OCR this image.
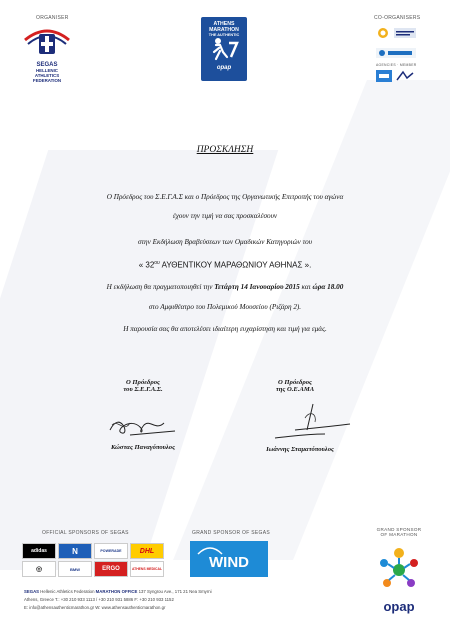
ORGANISER
SEGAS
HELLENIC
ATHLETICS
FEDERATION
ATHENS
MARATHON
THE AUTHENTIC
opap
CO-ORGANISERS
AGENCIES · MEMBER
ΠΡΟΣΚΛΗΣΗ
Ο Πρόεδρος του Σ.Ε.Γ.Α.Σ και ο Πρόεδρος της Οργανωτικής Επιτροπής του αγώνα
έχουν την τιμή να σας προσκαλέσουν
στην Εκδήλωση Βραβεύσεων των Ομαδικών Κατηγοριών του
« $32^{o\upsilon}$ ΑΥΘΕΝΤΙΚΟΥ ΜΑΡΑΘΩΝΙΟΥ ΑΘΗΝΑΣ ».
Η εκδήλωση θα πραγματοποιηθεί την Τετάρτη 14 Ιανουαρίου 2015 και ώρα 18.00
στο Αμφιθέατρο του Πολεμικού Μουσείου (Ριζάρη 2).
Η παρουσία σας θα αποτελέσει ιδιαίτερη ευχαρίστηση και τιμή για εμάς.
Ο Πρόεδρος
του Σ.Ε.Γ.Α.Σ.
Κώστας Παναγόπουλος
Ο Πρόεδρος
της Ο.Ε.ΑΜΑ
Ιωάννης Σταματόπουλος
OFFICIAL SPONSORS OF SEGAS	GRAND SPONSOR OF SEGAS
adidas	N	POWERADE	DHL
◎	BMW	ERGO	ATHENS MEDICAL	WIND
GRAND SPONSOR
OF MARATHON
opap
SEGAS Hellenic Athletics Federation MARATHON OFFICE 137 Syngrou Ave., 171 21 Nea Smyrni
Athens, Greece T.: +30 210 933 1113 / +30 210 931 5886 F: +30 210 933 1152
E: info@athensauthenticmarathon.gr W: www.athensauthenticmarathon.gr
